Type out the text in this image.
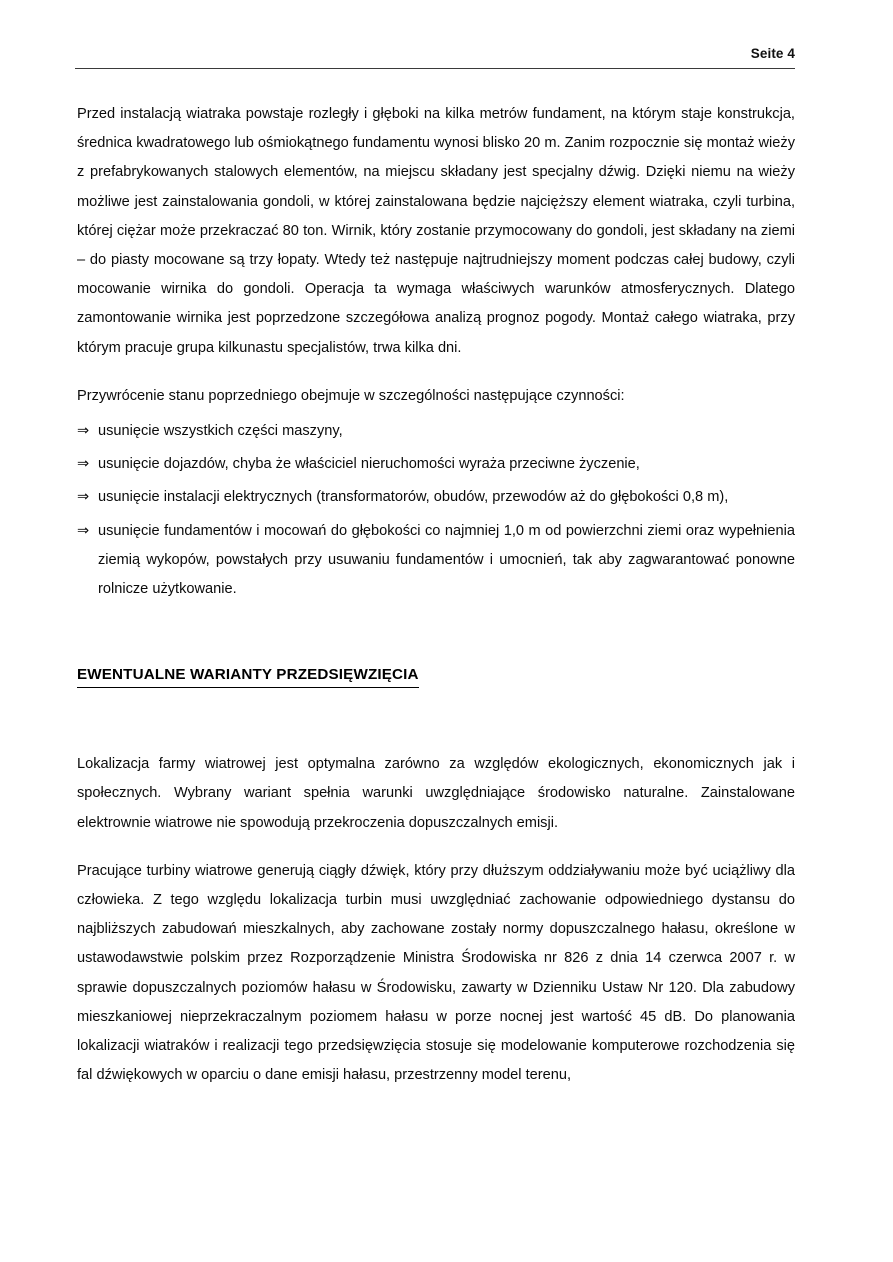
Seite 4

Przed instalacją wiatraka powstaje rozległy i głęboki na kilka metrów fundament, na którym staje konstrukcja, średnica kwadratowego lub ośmiokątnego fundamentu wynosi blisko 20 m. Zanim rozpocznie się montaż wieży z prefabrykowanych stalowych elementów, na miejscu składany jest specjalny dźwig. Dzięki niemu na wieży możliwe jest zainstalowania gondoli, w której zainstalowana będzie najcięższy element wiatraka, czyli turbina, której ciężar może przekraczać 80 ton. Wirnik, który zostanie przymocowany do gondoli, jest składany na ziemi – do piasty mocowane są trzy łopaty. Wtedy też następuje najtrudniejszy moment podczas całej budowy, czyli mocowanie wirnika do gondoli. Operacja ta wymaga właściwych warunków atmosferycznych. Dlatego zamontowanie wirnika jest poprzedzone szczegółowa analizą prognoz pogody. Montaż całego wiatraka, przy którym pracuje grupa kilkunastu specjalistów, trwa kilka dni.

Przywrócenie stanu poprzedniego obejmuje w szczególności następujące czynności:

⇒ usunięcie wszystkich części maszyny,
⇒ usunięcie dojazdów, chyba że właściciel nieruchomości wyraża przeciwne życzenie,
⇒ usunięcie instalacji elektrycznych (transformatorów, obudów, przewodów aż do głębokości 0,8 m),
⇒ usunięcie fundamentów i mocowań do głębokości co najmniej 1,0 m od powierzchni ziemi oraz wypełnienia ziemią wykopów, powstałych przy usuwaniu fundamentów i umocnień, tak aby zagwarantować ponowne rolnicze użytkowanie.
EWENTUALNE WARIANTY PRZEDSIĘWZIĘCIA

Lokalizacja farmy wiatrowej jest optymalna zarówno za względów ekologicznych, ekonomicznych jak i społecznych. Wybrany wariant spełnia warunki uwzględniające środowisko naturalne. Zainstalowane elektrownie wiatrowe nie spowodują przekroczenia dopuszczalnych emisji.

Pracujące turbiny wiatrowe generują ciągły dźwięk, który przy dłuższym oddziaływaniu może być uciążliwy dla człowieka. Z tego względu lokalizacja turbin musi uwzględniać zachowanie odpowiedniego dystansu do najbliższych zabudowań mieszkalnych, aby zachowane zostały normy dopuszczalnego hałasu, określone w ustawodawstwie polskim przez Rozporządzenie Ministra Środowiska nr 826 z dnia 14 czerwca 2007 r. w sprawie dopuszczalnych poziomów hałasu w Środowisku, zawarty w Dzienniku Ustaw Nr 120. Dla zabudowy mieszkaniowej nieprzekraczalnym poziomem hałasu w porze nocnej jest wartość 45 dB. Do planowania lokalizacji wiatraków i realizacji tego przedsięwzięcia stosuje się modelowanie komputerowe rozchodzenia się fal dźwiękowych w oparciu o dane emisji hałasu, przestrzenny model terenu,
